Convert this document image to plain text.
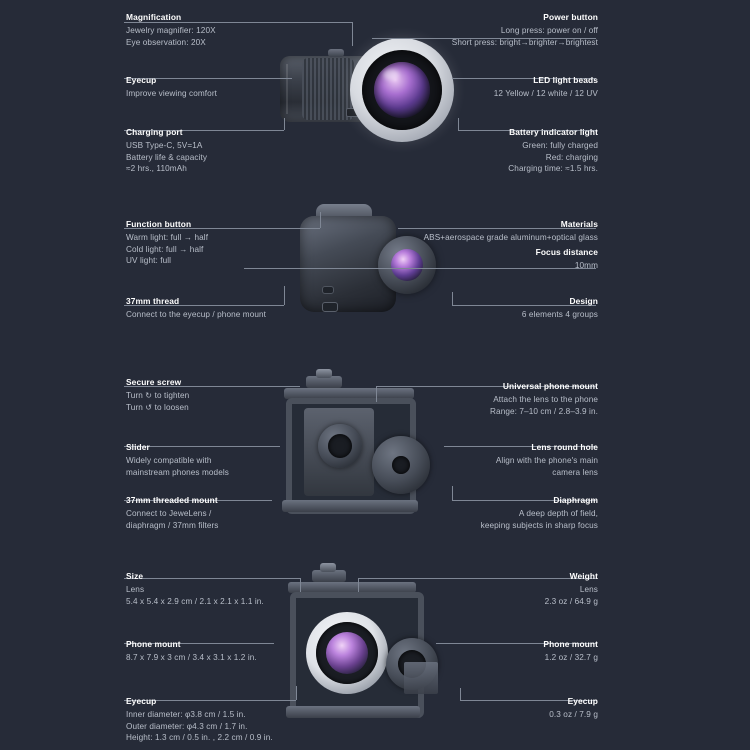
Magnification
Jewelry magnifier: 120X
Eye observation: 20X
Eyecup
Improve viewing comfort
Charging port
USB Type-C, 5V=1A
Battery life & capacity
≈2 hrs., 110mAh
Power button
Long press: power on / off
Short press: bright→brighter→brightest
LED light beads
12 Yellow / 12 white / 12 UV
Battery indicator light
Green: fully charged
Red: charging
Charging time: ≈1.5 hrs.
Function button
Warm light: full → half
Cold light: full → half
UV light: full
37mm thread
Connect to the eyecup / phone mount
Materials
ABS+aerospace grade aluminum+optical glass
Focus distance
10mm
Design
6 elements 4 groups
Secure screw
Turn ↻ to tighten
Turn ↺ to loosen
Slider
Widely compatible with
mainstream phones models
37mm threaded mount
Connect to JeweLens /
diaphragm / 37mm filters
Universal phone mount
Attach the lens to the phone
Range: 7–10 cm / 2.8–3.9 in.
Lens round hole
Align with the phone's main
camera lens
Diaphragm
A deep depth of field,
keeping subjects in sharp focus
Size
Lens
5.4 x 5.4 x 2.9 cm / 2.1 x 2.1 x 1.1 in.
Phone mount
8.7 x 7.9 x 3 cm / 3.4 x 3.1 x 1.2 in.
Eyecup
Inner diameter: φ3.8 cm / 1.5 in.
Outer diameter: φ4.3 cm / 1.7 in.
Height: 1.3 cm / 0.5 in. , 2.2 cm / 0.9 in.
Weight
Lens
2.3 oz / 64.9 g
Phone mount
1.2 oz / 32.7 g
Eyecup
0.3 oz / 7.9 g
